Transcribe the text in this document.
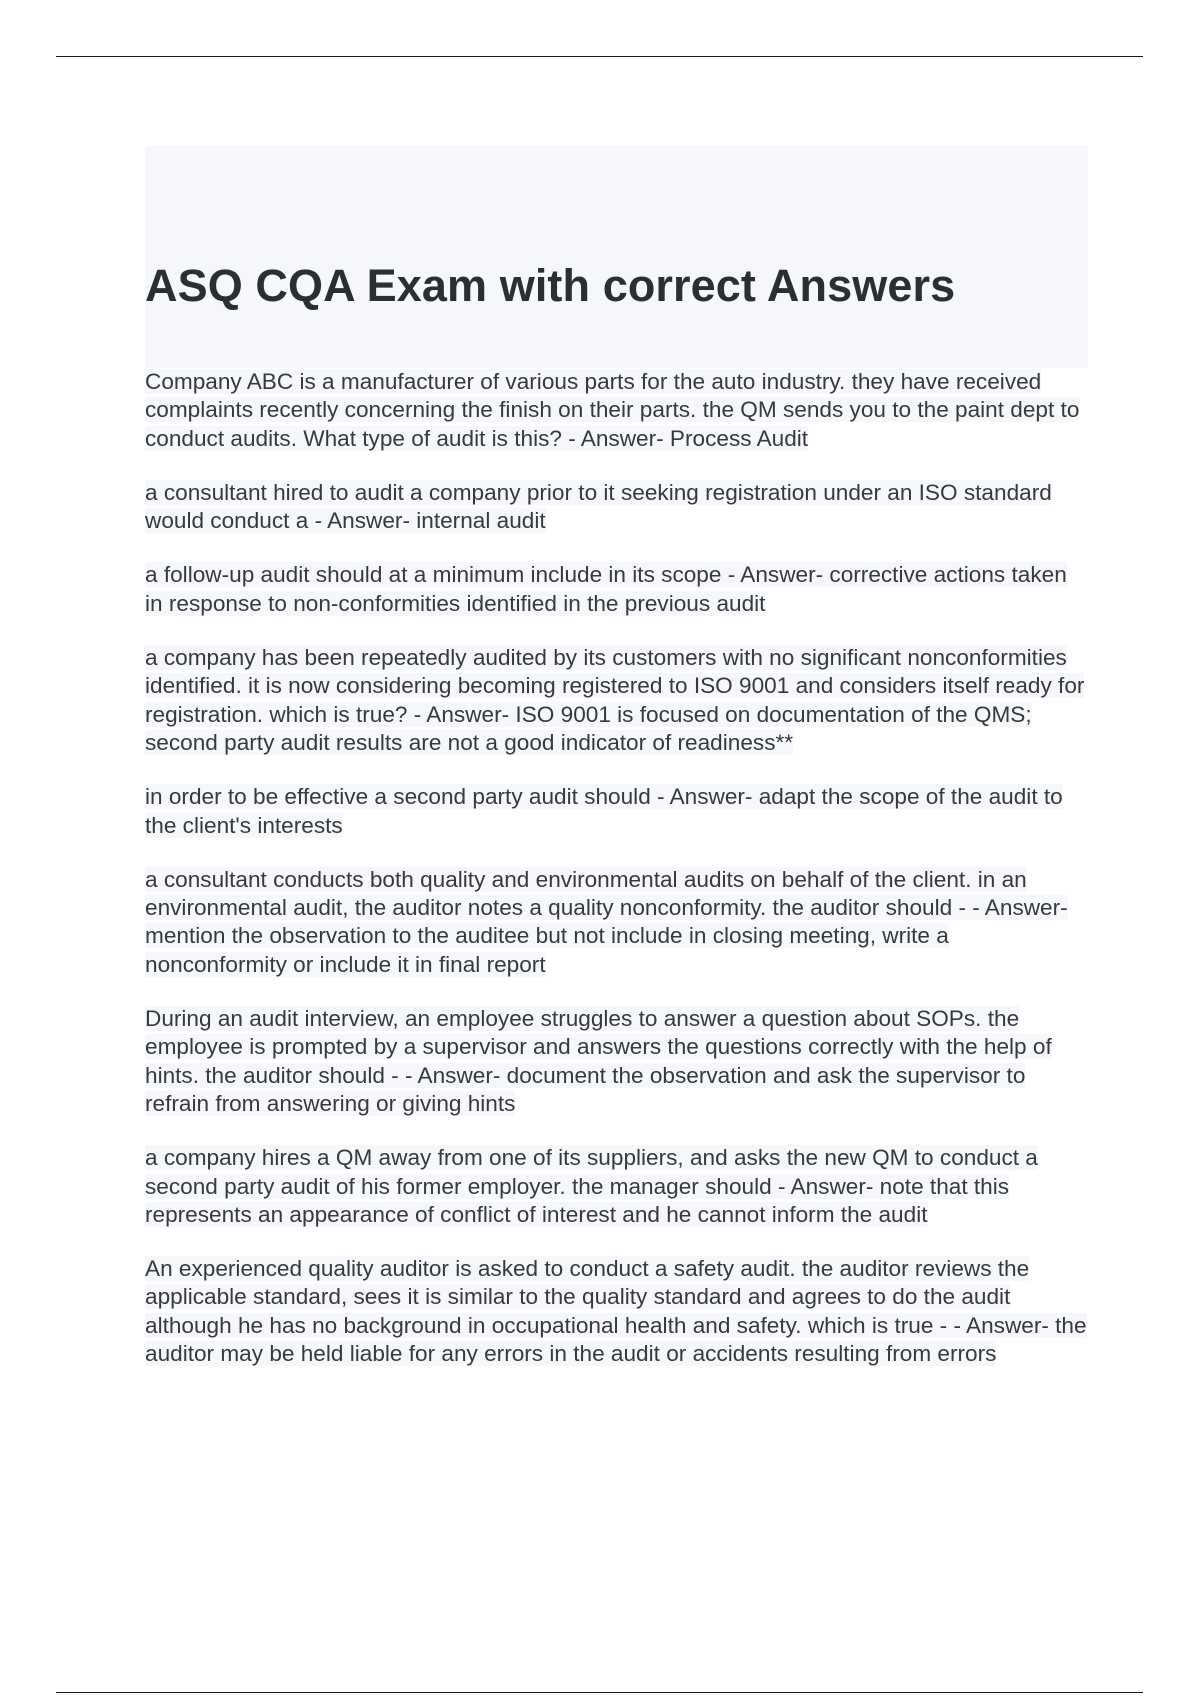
ASQ CQA Exam with correct Answers

Company ABC is a manufacturer of various parts for the auto industry. they have received complaints recently concerning the finish on their parts. the QM sends you to the paint dept to conduct audits. What type of audit is this? - Answer- Process Audit

a consultant hired to audit a company prior to it seeking registration under an ISO standard would conduct a - Answer- internal audit

a follow-up audit should at a minimum include in its scope - Answer- corrective actions taken in response to non-conformities identified in the previous audit

a company has been repeatedly audited by its customers with no significant nonconformities identified. it is now considering becoming registered to ISO 9001 and considers itself ready for registration. which is true? - Answer- ISO 9001 is focused on documentation of the QMS; second party audit results are not a good indicator of readiness**

in order to be effective a second party audit should - Answer- adapt the scope of the audit to the client's interests

a consultant conducts both quality and environmental audits on behalf of the client. in an environmental audit, the auditor notes a quality nonconformity. the auditor should - - Answer- mention the observation to the auditee but not include in closing meeting, write a nonconformity or include it in final report

During an audit interview, an employee struggles to answer a question about SOPs. the employee is prompted by a supervisor and answers the questions correctly with the help of hints. the auditor should - - Answer- document the observation and ask the supervisor to refrain from answering or giving hints

a company hires a QM away from one of its suppliers, and asks the new QM to conduct a second party audit of his former employer. the manager should - Answer- note that this represents an appearance of conflict of interest and he cannot inform the audit

An experienced quality auditor is asked to conduct a safety audit. the auditor reviews the applicable standard, sees it is similar to the quality standard and agrees to do the audit although he has no background in occupational health and safety. which is true - - Answer- the auditor may be held liable for any errors in the audit or accidents resulting from errors
